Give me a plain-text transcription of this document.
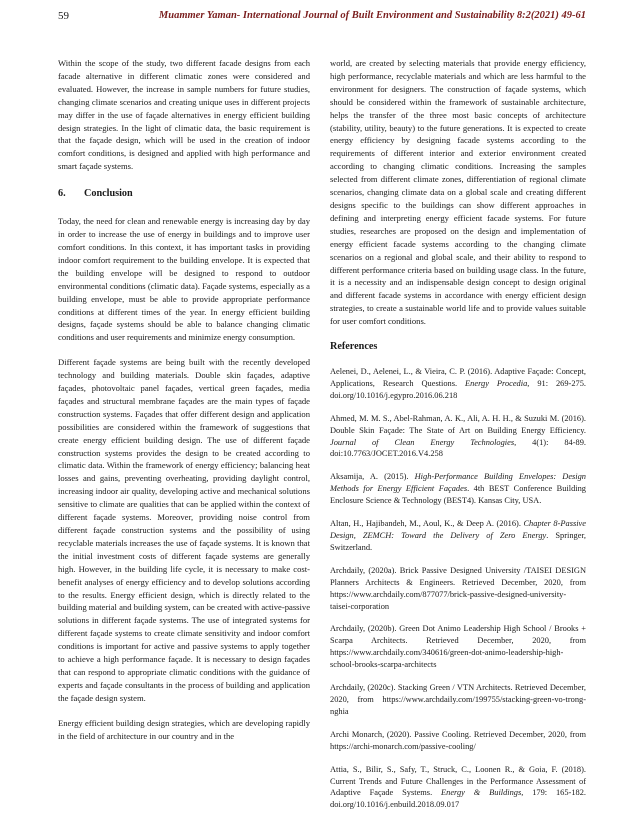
59	Muammer Yaman- International Journal of Built Environment and Sustainability 8:2(2021) 49-61

Within the scope of the study, two different facade designs from each facade alternative in different climatic zones were considered and evaluated. However, the increase in sample numbers for future studies, changing climate scenarios and creating unique uses in different projects may differ in the use of façade alternatives in energy efficient building design strategies. In the light of climatic data, the basic requirement is that the façade design, which will be used in the creation of indoor comfort conditions, is designed and applied with high performance and smart façade systems.

6. Conclusion

Today, the need for clean and renewable energy is increasing day by day in order to increase the use of energy in buildings and to improve user comfort conditions. In this context, it has important tasks in providing indoor comfort requirement to the building envelope. It is expected that the building envelope will be designed to respond to outdoor environmental conditions (climatic data). Façade systems, especially as a building envelope, must be able to provide appropriate performance conditions at different times of the year. In energy efficient building designs, façade systems should be able to balance changing climatic conditions and user requirements and minimize energy consumption.

Different façade systems are being built with the recently developed technology and building materials. Double skin façades, adaptive façades, photovoltaic panel façades, vertical green façades, media façades and structural membrane façades are the main types of façade construction systems. Façades that offer different design and application possibilities are considered within the framework of suggestions that create energy efficient building design. The use of different façade construction systems provides the design to be created according to climatic data. Within the framework of energy efficiency; balancing heat losses and gains, preventing overheating, providing daylight control, increasing indoor air quality, developing active and mechanical solutions sensitive to climate are qualities that can be applied within the context of different façade systems. Moreover, providing noise control from different façade construction systems and the possibility of using recyclable materials increases the use of façade systems. It is known that the initial investment costs of different façade systems are generally high. However, in the building life cycle, it is necessary to make cost-benefit analyses of energy efficiency and to develop solutions according to the results. Energy efficient design, which is directly related to the building material and building system, can be created with active-passive solutions in different façade systems. The use of integrated systems for different façade systems to create climate sensitivity and indoor comfort conditions is important for active and passive systems to apply together to achieve a high performance façade. It is necessary to design façades that can respond to appropriate climatic conditions with the guidance of experts and façade consultants in the process of building and application the façade design system.

Energy efficient building design strategies, which are developing rapidly in the field of architecture in our country and in the

world, are created by selecting materials that provide energy efficiency, high performance, recyclable materials and which are less harmful to the environment for designers. The construction of façade systems, which should be considered within the framework of sustainable architecture, helps the transfer of the three most basic concepts of architecture (stability, utility, beauty) to the future generations. It is expected to create energy efficiency by designing facade systems according to the requirements of different interior and exterior environment created according to changing climatic conditions. Increasing the samples selected from different climate zones, differentiation of regional climate scenarios, changing climate data on a global scale and creating different designs specific to the buildings can show different approaches in defining and interpreting energy efficient facade systems. For future studies, researches are proposed on the design and implementation of energy efficient facade systems according to the changing climate scenarios on a regional and global scale, and their ability to respond to different performance criteria based on building usage class. In the future, it is a necessity and an indispensable design concept to design original and different facade systems in accordance with energy efficient design strategies, to create a sustainable world life and to provide values suitable for user comfort conditions.

References

Aelenei, D., Aelenei, L., & Vieira, C. P. (2016). Adaptive Façade: Concept, Applications, Research Questions. Energy Procedia, 91: 269-275. doi.org/10.1016/j.egypro.2016.06.218

Ahmed, M. M. S., Abel-Rahman, A. K., Ali, A. H. H., & Suzuki M. (2016). Double Skin Façade: The State of Art on Building Energy Efficiency. Journal of Clean Energy Technologies, 4(1): 84-89. doi:10.7763/JOCET.2016.V4.258

Aksamija, A. (2015). High-Performance Building Envelopes: Design Methods for Energy Efficient Façades. 4th BEST Conference Building Enclosure Science & Technology (BEST4). Kansas City, USA.

Altan, H., Hajibandeh, M., Aoul, K., & Deep A. (2016). Chapter 8-Passive Design, ZEMCH: Toward the Delivery of Zero Energy. Springer, Switzerland.

Archdaily, (2020a). Brick Passive Designed University /TAISEI DESIGN Planners Architects & Engineers. Retrieved December, 2020, from https://www.archdaily.com/877077/brick-passive-designed-university-taisei-corporation

Archdaily, (2020b). Green Dot Animo Leadership High School / Brooks + Scarpa Architects. Retrieved December, 2020, from https://www.archdaily.com/340616/green-dot-animo-leadership-high-school-brooks-scarpa-architects

Archdaily, (2020c). Stacking Green / VTN Architects. Retrieved December, 2020, from https://www.archdaily.com/199755/stacking-green-vo-trong-nghia

Archi Monarch, (2020). Passive Cooling. Retrieved December, 2020, from https://archi-monarch.com/passive-cooling/

Attia, S., Bilir, S., Safy, T., Struck, C., Loonen R., & Goia, F. (2018). Current Trends and Future Challenges in the Performance Assessment of Adaptive Façade Systems. Energy & Buildings, 179: 165-182. doi.org/10.1016/j.enbuild.2018.09.017
